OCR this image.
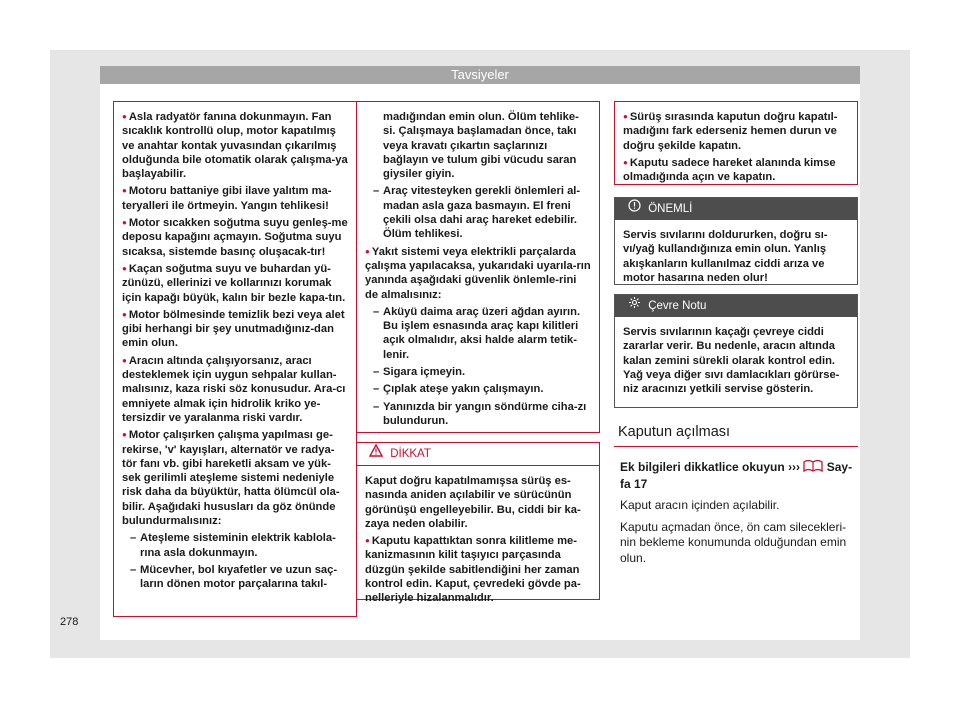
Tavsiyeler
● Asla radyatör fanına dokunmayın. Fan sıcaklık kontrollü olup, motor kapatılmış ve anahtar kontak yuvasından çıkarılmış olduğunda bile otomatik olarak çalışma-ya başlayabilir.
● Motoru battaniye gibi ilave yalıtım ma-teryalleri ile örtmeyin. Yangın tehlikesi!
● Motor sıcakken soğutma suyu genleş-me deposu kapağını açmayın. Soğutma suyu sıcaksa, sistemde basınç oluşacak-tır!
● Kaçan soğutma suyu ve buhardan yü-zünüzü, ellerinizi ve kollarınızı korumak için kapağı büyük, kalın bir bezle kapa-tın.
● Motor bölmesinde temizlik bezi veya alet gibi herhangi bir şey unutmadığınız-dan emin olun.
● Aracın altında çalışıyorsanız, aracı desteklemek için uygun sehpalar kullan-malısınız, kaza riski söz konusudur. Ara-cı emniyete almak için hidrolik kriko ye-tersizdir ve yaralanma riski vardır.
● Motor çalışırken çalışma yapılması ge-rekirse, 'v' kayışları, alternatör ve radya-tör fanı vb. gibi hareketli aksam ve yük-sek gerilimli ateşleme sistemi nedeniyle risk daha da büyüktür, hatta ölümcül ola-bilir. Aşağıdaki hususları da göz önünde bulundurmalısınız:
– Ateşleme sisteminin elektrik kablola-rına asla dokunmayın.
– Mücevher, bol kıyafetler ve uzun saç-ların dönen motor parçalarına takıl-
madığından emin olun. Ölüm tehlike-si. Çalışmaya başlamadan önce, takı veya kravatı çıkartın saçlarınızı bağlayın ve tulum gibi vücudu saran giysiler giyin.
– Araç vitesteyken gerekli önlemleri al-madan asla gaza basmayın. El freni çekili olsa dahi araç hareket edebilir. Ölüm tehlikesi.
● Yakıt sistemi veya elektrikli parçalarda çalışma yapılacaksa, yukarıdaki uyarıla-rın yanında aşağıdaki güvenlik önlemle-rini de almalısınız:
– Aküyü daima araç üzeri ağdan ayırın. Bu işlem esnasında araç kapı kilitleri açık olmalıdır, aksi halde alarm tetik-lenir.
– Sigara içmeyin.
– Çıplak ateşe yakın çalışmayın.
– Yanınızda bir yangın söndürme ciha-zı bulundurun.
DİKKAT
Kaput doğru kapatılmamışsa sürüş es-nasında aniden açılabilir ve sürücünün görünüşü engelleyebilir. Bu, ciddi bir ka-zaya neden olabilir.
● Kaputu kapattıktan sonra kilitleme me-kanizmasının kilit taşıyıcı parçasında düzgün şekilde sabitlendiğini her zaman kontrol edin. Kaput, çevredeki gövde pa-nelleriyle hizalanmalıdır.
● Sürüş sırasında kaputun doğru kapatıl-madığını fark ederseniz hemen durun ve doğru şekilde kapatın.
● Kaputu sadece hareket alanında kimse olmadığında açın ve kapatın.
ÖNEMLİ
Servis sıvılarını doldururken, doğru sı-vı/yağ kullandığınıza emin olun. Yanlış akışkanların kullanılmaz ciddi arıza ve motor hasarına neden olur!
Çevre Notu
Servis sıvılarının kaçağı çevreye ciddi zararlar verir. Bu nedenle, aracın altında kalan zemini sürekli olarak kontrol edin. Yağ veya diğer sıvı damlacıkları görürse-niz aracınızı yetkili servise gösterin.
Kaputun açılması
Ek bilgileri dikkatlice okuyun ››› Say-fa 17
Kaput aracın içinden açılabilir.
Kaputu açmadan önce, ön cam silecekleri-nin bekleme konumunda olduğundan emin olun.
278
